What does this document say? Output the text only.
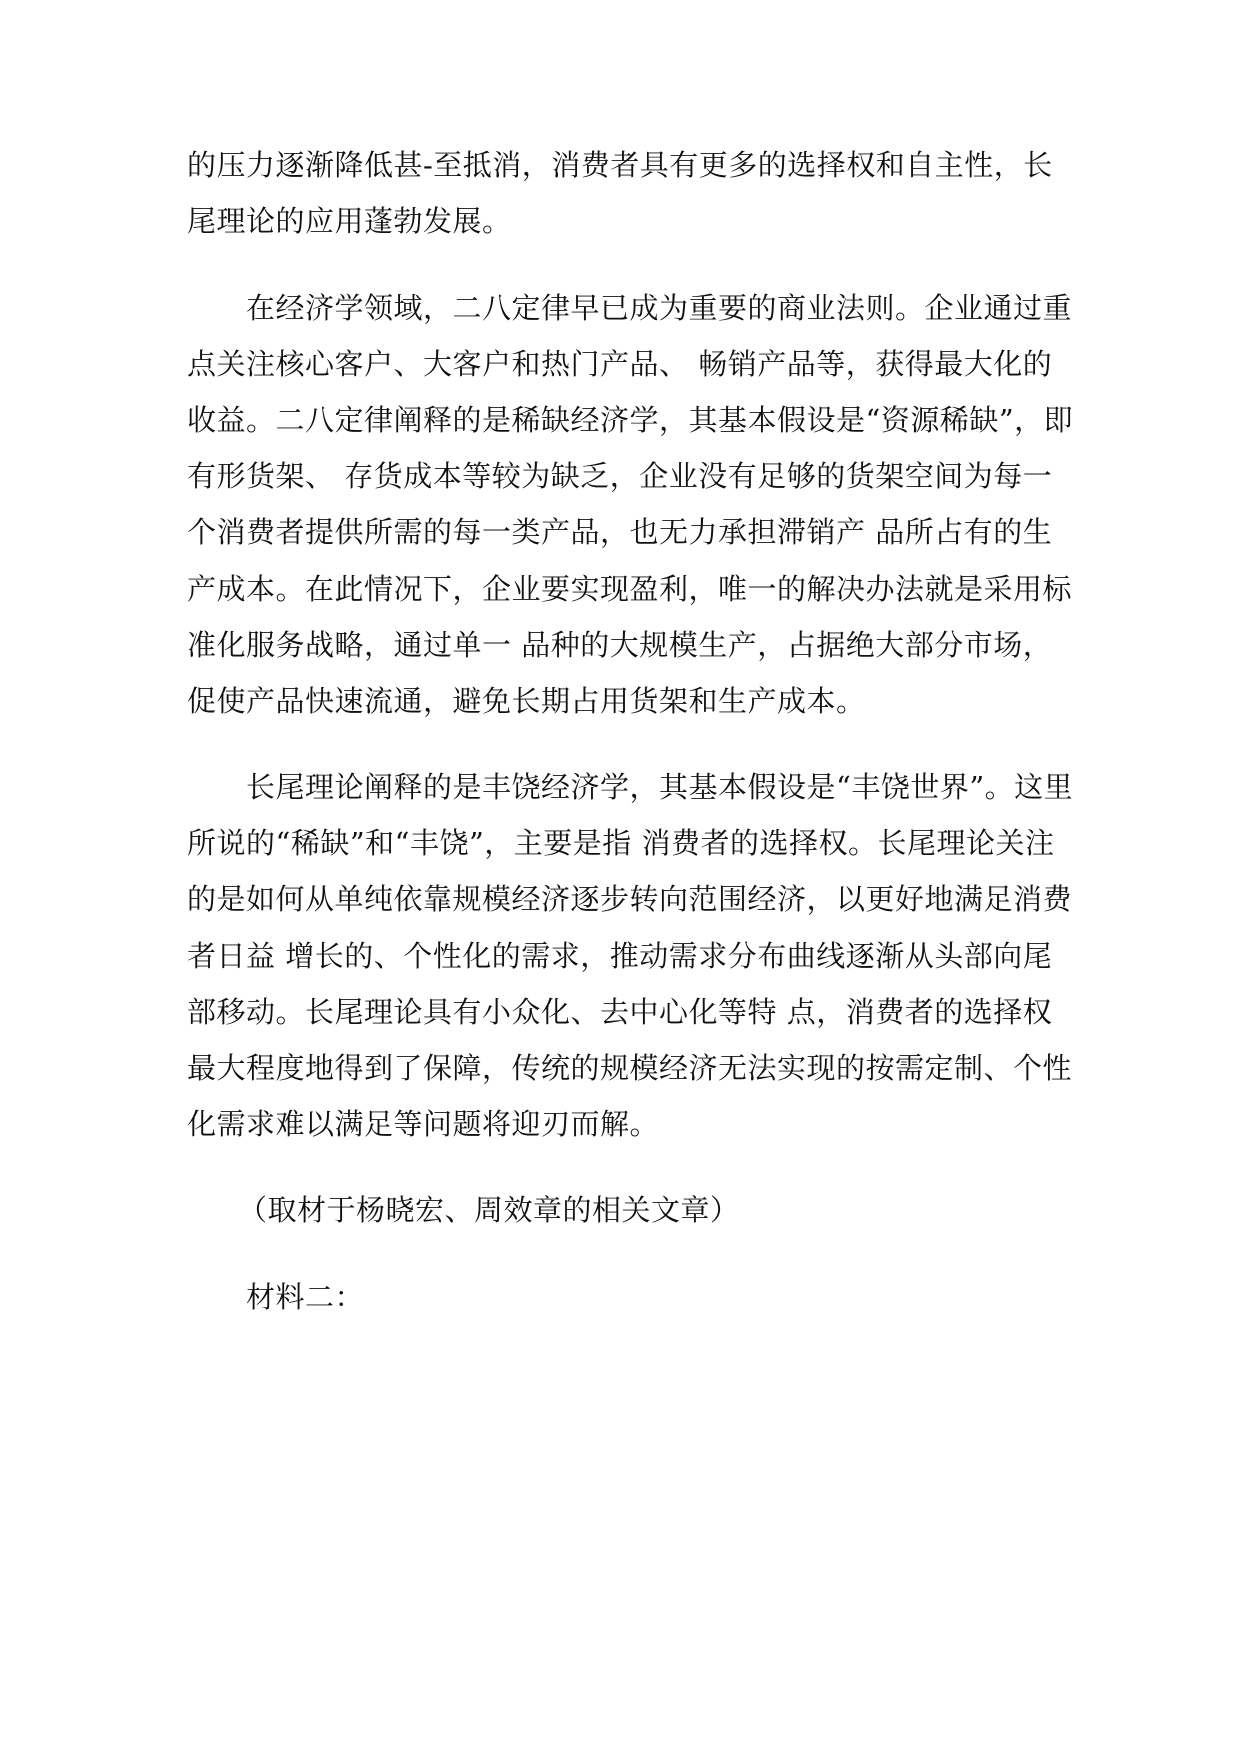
的压力逐渐降低甚-至抵消，消费者具有更多的选择权和自主性，长
尾理论的应用蓬勃发展。
在经济学领域，二八定律早已成为重要的商业法则。企业通过重
点关注核心客户、大客户和热门产品、 畅销产品等，获得最大化的
收益。二八定律阐释的是稀缺经济学，其基本假设是“资源稀缺”，即
有形货架、 存货成本等较为缺乏，企业没有足够的货架空间为每一
个消费者提供所需的每一类产品，也无力承担滞销产 品所占有的生
产成本。在此情况下，企业要实现盈利，唯一的解决办法就是采用标
准化服务战略，通过单一 品种的大规模生产，占据绝大部分市场，
促使产品快速流通，避免长期占用货架和生产成本。
长尾理论阐释的是丰饶经济学，其基本假设是“丰饶世界”。这里
所说的“稀缺”和“丰饶”，主要是指 消费者的选择权。长尾理论关注
的是如何从单纯依靠规模经济逐步转向范围经济，以更好地满足消费
者日益 增长的、个性化的需求，推动需求分布曲线逐渐从头部向尾
部移动。长尾理论具有小众化、去中心化等特 点，消费者的选择权
最大程度地得到了保障，传统的规模经济无法实现的按需定制、个性
化需求难以满足等问题将迎刃而解。
（取材于杨晓宏、周效章的相关文章）
材料二：
